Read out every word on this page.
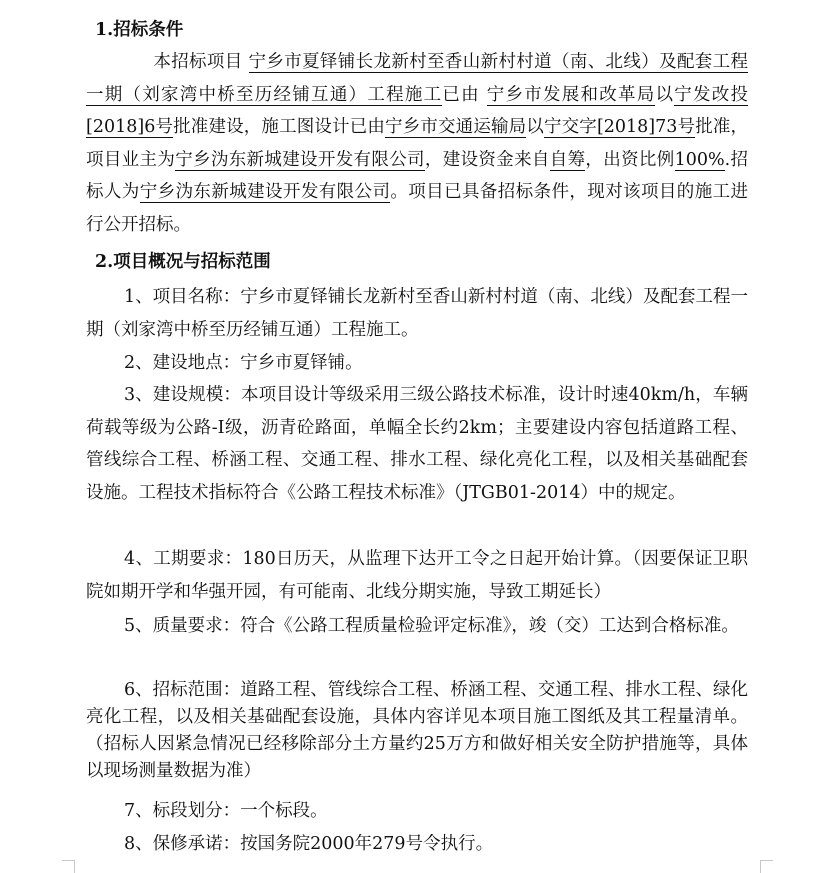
1.招标条件

本招标项目 宁乡市夏铎铺长龙新村至香山新村村道（南、北线）及配套工程一期（刘家湾中桥至历经铺互通）工程施工已由 宁乡市发展和改革局以宁发改投[2018]6号批准建设，施工图设计已由宁乡市交通运输局以宁交字[2018]73号批准， 项目业主为宁乡沩东新城建设开发有限公司，建设资金来自自筹，出资比例100%.招标人为宁乡沩东新城建设开发有限公司。项目已具备招标条件，现对该项目的施工进行公开招标。

2.项目概况与招标范围

1、项目名称：宁乡市夏铎铺长龙新村至香山新村村道（南、北线）及配套工程一期（刘家湾中桥至历经铺互通）工程施工。

2、建设地点：宁乡市夏铎铺。

3、建设规模：本项目设计等级采用三级公路技术标准，设计时速40km/h，车辆荷载等级为公路-I级，沥青砼路面，单幅全长约2km；主要建设内容包括道路工程、管线综合工程、桥涵工程、交通工程、排水工程、绿化亮化工程，以及相关基础配套设施。工程技术指标符合《公路工程技术标准》（JTGB01-2014）中的规定。

4、工期要求：180日历天，从监理下达开工令之日起开始计算。（因要保证卫职院如期开学和华强开园，有可能南、北线分期实施，导致工期延长）

5、质量要求：符合《公路工程质量检验评定标准》，竣（交）工达到合格标准。

6、招标范围：道路工程、管线综合工程、桥涵工程、交通工程、排水工程、绿化亮化工程，以及相关基础配套设施，具体内容详见本项目施工图纸及其工程量清单。（招标人因紧急情况已经移除部分土方量约25万方和做好相关安全防护措施等，具体以现场测量数据为准）

7、标段划分：一个标段。

8、保修承诺：按国务院2000年279号令执行。
